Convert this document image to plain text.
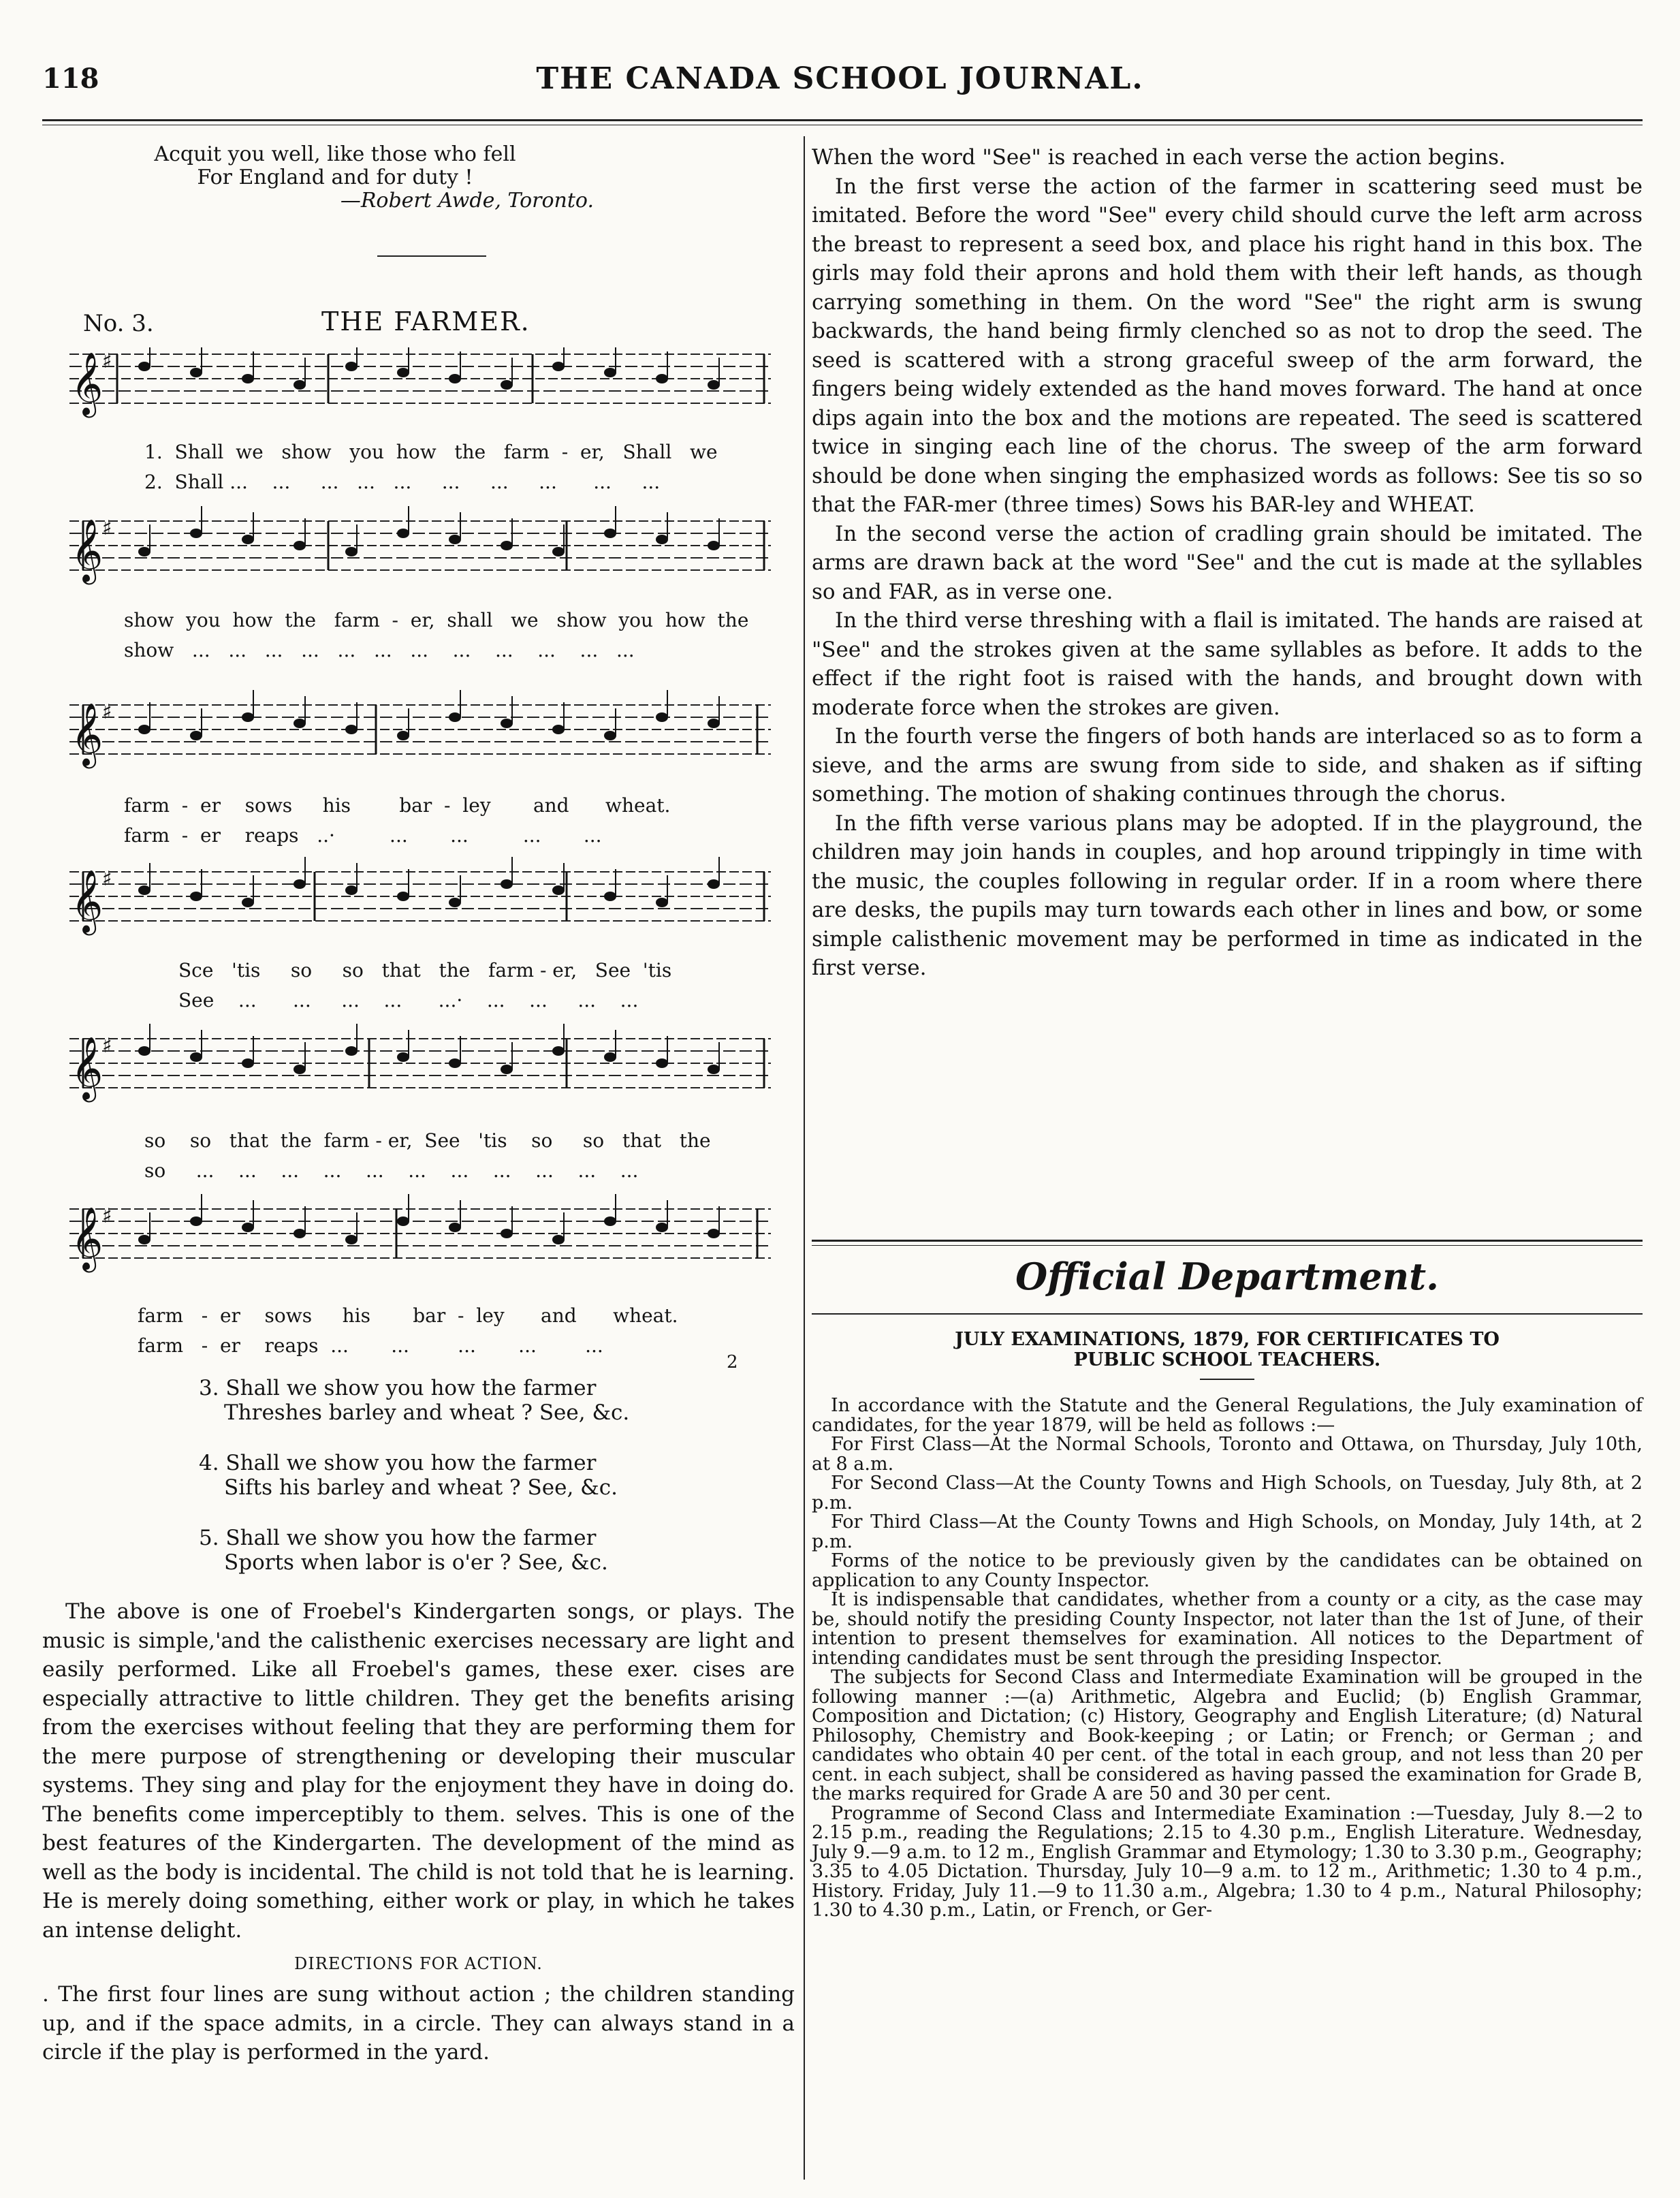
118	THE CANADA SCHOOL JOURNAL.
Acquit you well, like those who fell
For England and for duty !
—Robert Awde, Toronto.
No. 3.	THE FARMER.
𝄞
♯
𝄞
♯
𝄞
♯
𝄞
♯
𝄞
♯
𝄞
♯
1.  Shall  we   show   you  how   the   farm  -  er,   Shall   we
2.  Shall ...    ...     ...   ...   ...     ...     ...     ...      ...     ...
show  you  how  the   farm  -  er,  shall   we   show  you  how  the
show   ...   ...   ...   ...   ...   ...   ...    ...    ...    ...    ...   ...
farm  -  er    sows     his        bar  -  ley       and      wheat.
farm  -  er    reaps   ..·         ...       ...         ...       ...
Sce   'tis     so     so   that   the   farm - er,   See  'tis
See    ...      ...     ...    ...      ...·    ...    ...     ...    ...
so    so   that  the  farm - er,  See   'tis    so     so   that   the
so     ...    ...    ...    ...    ...    ...    ...    ...    ...    ...    ...
farm   -  er    sows     his       bar  -  ley      and      wheat.
farm   -  er    reaps  ...       ...        ...       ...        ...
2
3. Shall we show you how the farmer
Threshes barley and wheat ? See, &c.
4. Shall we show you how the farmer
Sifts his barley and wheat ? See, &c.
5. Shall we show you how the farmer
Sports when labor is o'er ? See, &c.

The above is one of Froebel's Kindergarten songs, or plays. The music is simple,'and the calisthenic exercises necessary are light and easily performed. Like all Froebel's games, these exer. cises are especially attractive to little children. They get the benefits arising from the exercises without feeling that they are performing them for the mere purpose of strengthening or developing their muscular systems. They sing and play for the enjoyment they have in doing do. The benefits come imperceptibly to them. selves. This is one of the best features of the Kindergarten. The development of the mind as well as the body is incidental. The child is not told that he is learning. He is merely doing something, either work or play, in which he takes an intense delight.

DIRECTIONS FOR ACTION.

. The first four lines are sung without action ; the children standing up, and if the space admits, in a circle. They can always stand in a circle if the play is performed in the yard.

When the word "See" is reached in each verse the action begins.

In the first verse the action of the farmer in scattering seed must be imitated. Before the word "See" every child should curve the left arm across the breast to represent a seed box, and place his right hand in this box. The girls may fold their aprons and hold them with their left hands, as though carrying something in them. On the word "See" the right arm is swung backwards, the hand being firmly clenched so as not to drop the seed. The seed is scattered with a strong graceful sweep of the arm forward, the fingers being widely extended as the hand moves forward. The hand at once dips again into the box and the motions are repeated. The seed is scattered twice in singing each line of the chorus. The sweep of the arm forward should be done when singing the emphasized words as follows: See tis so so that the FAR-mer (three times) Sows his BAR-ley and WHEAT.

In the second verse the action of cradling grain should be imitated. The arms are drawn back at the word "See" and the cut is made at the syllables so and FAR, as in verse one.

In the third verse threshing with a flail is imitated. The hands are raised at "See" and the strokes given at the same syllables as before. It adds to the effect if the right foot is raised with the hands, and brought down with moderate force when the strokes are given.

In the fourth verse the fingers of both hands are interlaced so as to form a sieve, and the arms are swung from side to side, and shaken as if sifting something. The motion of shaking continues through the chorus.

In the fifth verse various plans may be adopted. If in the playground, the children may join hands in couples, and hop around trippingly in time with the music, the couples following in regular order. If in a room where there are desks, the pupils may turn towards each other in lines and bow, or some simple calisthenic movement may be performed in time as indicated in the first verse.

Official Department.
JULY EXAMINATIONS, 1879, FOR CERTIFICATES TO
PUBLIC SCHOOL TEACHERS.

In accordance with the Statute and the General Regulations, the July examination of candidates, for the year 1879, will be held as follows :—

For First Class—At the Normal Schools, Toronto and Ottawa, on Thursday, July 10th, at 8 a.m.

For Second Class—At the County Towns and High Schools, on Tuesday, July 8th, at 2 p.m.

For Third Class—At the County Towns and High Schools, on Monday, July 14th, at 2 p.m.

Forms of the notice to be previously given by the candidates can be obtained on application to any County Inspector.

It is indispensable that candidates, whether from a county or a city, as the case may be, should notify the presiding County Inspector, not later than the 1st of June, of their intention to present themselves for examination. All notices to the Department of intending candidates must be sent through the presiding Inspector.

The subjects for Second Class and Intermediate Examination will be grouped in the following manner :—(a) Arithmetic, Algebra and Euclid; (b) English Grammar, Composition and Dictation; (c) History, Geography and English Literature; (d) Natural Philosophy, Chemistry and Book-keeping ; or Latin; or French; or German ; and candidates who obtain 40 per cent. of the total in each group, and not less than 20 per cent. in each subject, shall be considered as having passed the examination for Grade B, the marks required for Grade A are 50 and 30 per cent.

Programme of Second Class and Intermediate Examination :—Tuesday, July 8.—2 to 2.15 p.m., reading the Regulations; 2.15 to 4.30 p.m., English Literature. Wednesday, July 9.—9 a.m. to 12 m., English Grammar and Etymology; 1.30 to 3.30 p.m., Geography; 3.35 to 4.05 Dictation. Thursday, July 10—9 a.m. to 12 m., Arithmetic; 1.30 to 4 p.m., History. Friday, July 11.—9 to 11.30 a.m., Algebra; 1.30 to 4 p.m., Natural Philosophy; 1.30 to 4.30 p.m., Latin, or French, or Ger-
